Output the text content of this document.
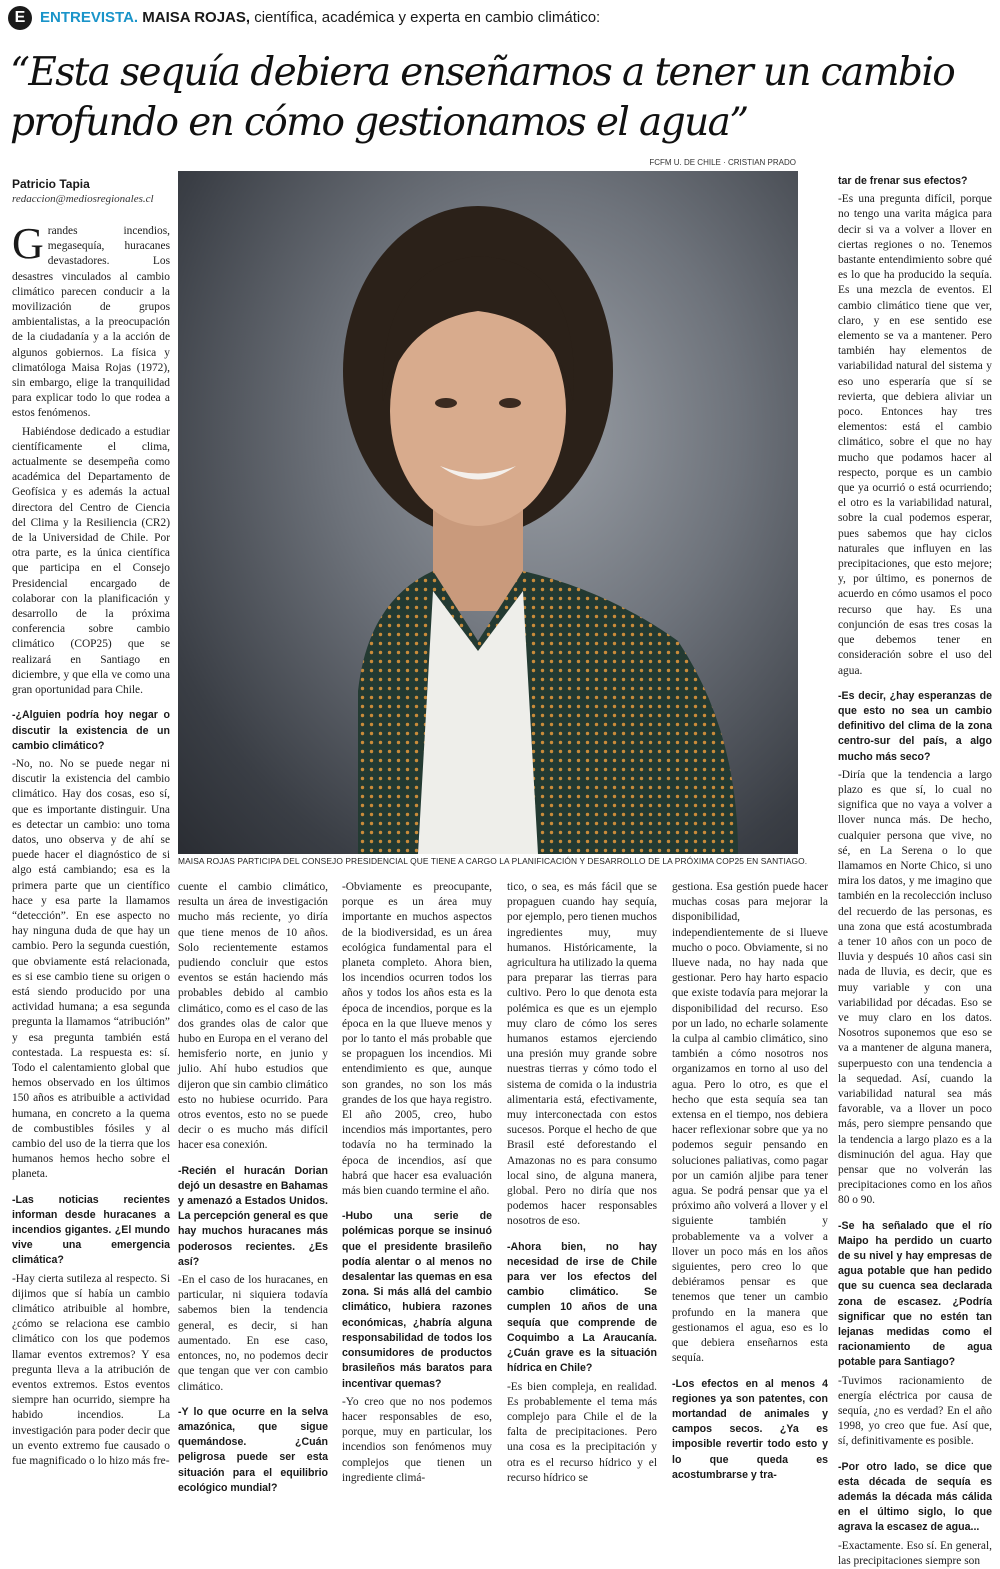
E ENTREVISTA. MAISA ROJAS, científica, académica y experta en cambio climático:
“Esta sequía debiera enseñarnos a tener un cambio profundo en cómo gestionamos el agua”
Patricio Tapia
redaccion@mediosregionales.cl
FCFM U. DE CHILE · CRISTIAN PRADO
MAISA ROJAS PARTICIPA DEL CONSEJO PRESIDENCIAL QUE TIENE A CARGO LA PLANIFICACIÓN Y DESARROLLO DE LA PRÓXIMA COP25 EN SANTIAGO.

Grandes incendios, megasequía, huracanes devastadores. Los desastres vinculados al cambio climático parecen conducir a la movilización de grupos ambientalistas, a la preocupación de la ciudadanía y a la acción de algunos gobiernos. La física y climatóloga Maisa Rojas (1972), sin embargo, elige la tranquilidad para explicar todo lo que rodea a estos fenómenos.

Habiéndose dedicado a estudiar científicamente el clima, actualmente se desempeña como académica del Departamento de Geofísica y es además la actual directora del Centro de Ciencia del Clima y la Resiliencia (CR2) de la Universidad de Chile. Por otra parte, es la única científica que participa en el Consejo Presidencial encargado de colaborar con la planificación y desarrollo de la próxima conferencia sobre cambio climático (COP25) que se realizará en Santiago en diciembre, y que ella ve como una gran oportunidad para Chile.

-¿Alguien podría hoy negar o discutir la existencia de un cambio climático?

-No, no. No se puede negar ni discutir la existencia del cambio climático. Hay dos cosas, eso sí, que es importante distinguir. Una es detectar un cambio: uno toma datos, uno observa y de ahí se puede hacer el diagnóstico de si algo está cambiando; esa es la primera parte que un científico hace y esa parte la llamamos “detección”. En ese aspecto no hay ninguna duda de que hay un cambio. Pero la segunda cuestión, que obviamente está relacionada, es si ese cambio tiene su origen o está siendo producido por una actividad humana; a esa segunda pregunta la llamamos “atribución” y esa pregunta también está contestada. La respuesta es: sí. Todo el calentamiento global que hemos observado en los últimos 150 años es atribuible a actividad humana, en concreto a la quema de combustibles fósiles y al cambio del uso de la tierra que los humanos hemos hecho sobre el planeta.

-Las noticias recientes informan desde huracanes a incendios gigantes. ¿El mundo vive una emergencia climática?

-Hay cierta sutileza al respecto. Si dijimos que sí había un cambio climático atribuible al hombre, ¿cómo se relaciona ese cambio climático con los que podemos llamar eventos extremos? Y esa pregunta lleva a la atribución de eventos extremos. Estos eventos siempre han ocurrido, siempre ha habido incendios. La investigación para poder decir que un evento extremo fue causado o fue magnificado o lo hizo más fre-

cuente el cambio climático, resulta un área de investigación mucho más reciente, yo diría que tiene menos de 10 años. Solo recientemente estamos pudiendo concluir que estos eventos se están haciendo más probables debido al cambio climático, como es el caso de las dos grandes olas de calor que hubo en Europa en el verano del hemisferio norte, en junio y julio. Ahí hubo estudios que dijeron que sin cambio climático esto no hubiese ocurrido. Para otros eventos, esto no se puede decir o es mucho más difícil hacer esa conexión.

-Recién el huracán Dorian dejó un desastre en Bahamas y amenazó a Estados Unidos. La percepción general es que hay muchos huracanes más poderosos recientes. ¿Es así?

-En el caso de los huracanes, en particular, ni siquiera todavía sabemos bien la tendencia general, es decir, si han aumentado. En ese caso, entonces, no, no podemos decir que tengan que ver con cambio climático.

-Y lo que ocurre en la selva amazónica, que sigue quemándose. ¿Cuán peligrosa puede ser esta situación para el equilibrio ecológico mundial?

-Obviamente es preocupante, porque es un área muy importante en muchos aspectos de la biodiversidad, es un área ecológica fundamental para el planeta completo. Ahora bien, los incendios ocurren todos los años y todos los años esta es la época de incendios, porque es la época en la que llueve menos y por lo tanto el más probable que se propaguen los incendios. Mi entendimiento es que, aunque son grandes, no son los más grandes de los que haya registro. El año 2005, creo, hubo incendios más importantes, pero todavía no ha terminado la época de incendios, así que habrá que hacer esa evaluación más bien cuando termine el año.

-Hubo una serie de polémicas porque se insinuó que el presidente brasileño podía alentar o al menos no desalentar las quemas en esa zona. Si más allá del cambio climático, hubiera razones económicas, ¿habría alguna responsabilidad de todos los consumidores de productos brasileños más baratos para incentivar quemas?

-Yo creo que no nos podemos hacer responsables de eso, porque, muy en particular, los incendios son fenómenos muy complejos que tienen un ingrediente climá-

tico, o sea, es más fácil que se propaguen cuando hay sequía, por ejemplo, pero tienen muchos ingredientes muy, muy humanos. Históricamente, la agricultura ha utilizado la quema para preparar las tierras para cultivo. Pero lo que denota esta polémica es que es un ejemplo muy claro de cómo los seres humanos estamos ejerciendo una presión muy grande sobre nuestras tierras y cómo todo el sistema de comida o la industria alimentaria está, efectivamente, muy interconectada con estos sucesos. Porque el hecho de que Brasil esté deforestando el Amazonas no es para consumo local sino, de alguna manera, global. Pero no diría que nos podemos hacer responsables nosotros de eso.

-Ahora bien, no hay necesidad de irse de Chile para ver los efectos del cambio climático. Se cumplen 10 años de una sequía que comprende de Coquimbo a La Araucanía. ¿Cuán grave es la situación hídrica en Chile?

-Es bien compleja, en realidad. Es probablemente el tema más complejo para Chile el de la falta de precipitaciones. Pero una cosa es la precipitación y otra es el recurso hídrico y el recurso hídrico se

gestiona. Esa gestión puede hacer muchas cosas para mejorar la disponibilidad, independientemente de si llueve mucho o poco. Obviamente, si no llueve nada, no hay nada que gestionar. Pero hay harto espacio que existe todavía para mejorar la disponibilidad del recurso. Eso por un lado, no echarle solamente la culpa al cambio climático, sino también a cómo nosotros nos organizamos en torno al uso del agua. Pero lo otro, es que el hecho que esta sequía sea tan extensa en el tiempo, nos debiera hacer reflexionar sobre que ya no podemos seguir pensando en soluciones paliativas, como pagar por un camión aljibe para tener agua. Se podrá pensar que ya el próximo año volverá a llover y el siguiente también y probablemente va a volver a llover un poco más en los años siguientes, pero creo lo que debiéramos pensar es que tenemos que tener un cambio profundo en la manera que gestionamos el agua, eso es lo que debiera enseñarnos esta sequía.

-Los efectos en al menos 4 regiones ya son patentes, con mortandad de animales y campos secos. ¿Ya es imposible revertir todo esto y lo que queda es acostumbrarse y tra-

tar de frenar sus efectos?

-Es una pregunta difícil, porque no tengo una varita mágica para decir si va a volver a llover en ciertas regiones o no. Tenemos bastante entendimiento sobre qué es lo que ha producido la sequía. Es una mezcla de eventos. El cambio climático tiene que ver, claro, y en ese sentido ese elemento se va a mantener. Pero también hay elementos de variabilidad natural del sistema y eso uno esperaría que sí se revierta, que debiera aliviar un poco. Entonces hay tres elementos: está el cambio climático, sobre el que no hay mucho que podamos hacer al respecto, porque es un cambio que ya ocurrió o está ocurriendo; el otro es la variabilidad natural, sobre la cual podemos esperar, pues sabemos que hay ciclos naturales que influyen en las precipitaciones, que esto mejore; y, por último, es ponernos de acuerdo en cómo usamos el poco recurso que hay. Es una conjunción de esas tres cosas la que debemos tener en consideración sobre el uso del agua.

-Es decir, ¿hay esperanzas de que esto no sea un cambio definitivo del clima de la zona centro-sur del país, a algo mucho más seco?

-Diría que la tendencia a largo plazo es que sí, lo cual no significa que no vaya a volver a llover nunca más. De hecho, cualquier persona que vive, no sé, en La Serena o lo que llamamos en Norte Chico, si uno mira los datos, y me imagino que también en la recolección incluso del recuerdo de las personas, es una zona que está acostumbrada a tener 10 años con un poco de lluvia y después 10 años casi sin nada de lluvia, es decir, que es muy variable y con una variabilidad por décadas. Eso se ve muy claro en los datos. Nosotros suponemos que eso se va a mantener de alguna manera, superpuesto con una tendencia a la sequedad. Así, cuando la variabilidad natural sea más favorable, va a llover un poco más, pero siempre pensando que la tendencia a largo plazo es a la disminución del agua. Hay que pensar que no volverán las precipitaciones como en los años 80 o 90.

-Se ha señalado que el río Maipo ha perdido un cuarto de su nivel y hay empresas de agua potable que han pedido que su cuenca sea declarada zona de escasez. ¿Podría significar que no estén tan lejanas medidas como el racionamiento de agua potable para Santiago?

-Tuvimos racionamiento de energía eléctrica por causa de sequía, ¿no es verdad? En el año 1998, yo creo que fue. Así que, sí, definitivamente es posible.

-Por otro lado, se dice que esta década de sequía es además la década más cálida en el último siglo, lo que agrava la escasez de agua...

-Exactamente. Eso sí. En general, las precipitaciones siempre son
